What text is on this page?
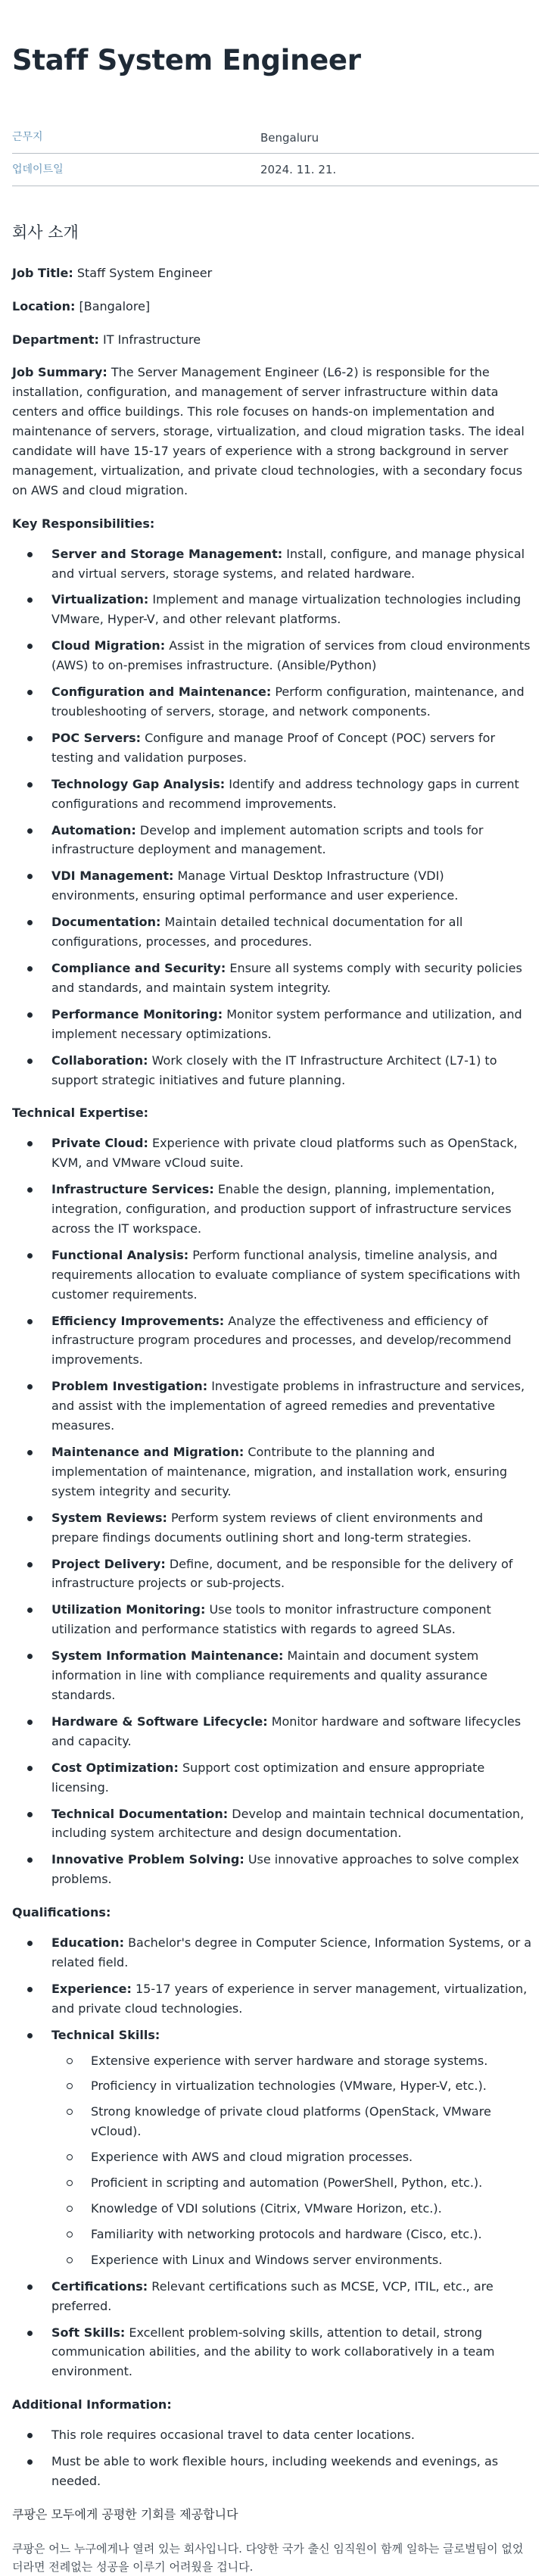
Staff System Engineer
근무지	Bengaluru
업데이트일	2024. 11. 21.
회사 소개

Job Title: Staff System Engineer

Location: [Bangalore]

Department: IT Infrastructure

Job Summary: The Server Management Engineer (L6-2) is responsible for the installation, configuration, and management of server infrastructure within data centers and office buildings. This role focuses on hands-on implementation and maintenance of servers, storage, virtualization, and cloud migration tasks. The ideal candidate will have 15-17 years of experience with a strong background in server management, virtualization, and private cloud technologies, with a secondary focus on AWS and cloud migration.

Key Responsibilities:

Server and Storage Management: Install, configure, and manage physical and virtual servers, storage systems, and related hardware.
Virtualization: Implement and manage virtualization technologies including VMware, Hyper-V, and other relevant platforms.
Cloud Migration: Assist in the migration of services from cloud environments (AWS) to on-premises infrastructure. (Ansible/Python)
Configuration and Maintenance: Perform configuration, maintenance, and troubleshooting of servers, storage, and network components.
POC Servers: Configure and manage Proof of Concept (POC) servers for testing and validation purposes.
Technology Gap Analysis: Identify and address technology gaps in current configurations and recommend improvements.
Automation: Develop and implement automation scripts and tools for infrastructure deployment and management.
VDI Management: Manage Virtual Desktop Infrastructure (VDI) environments, ensuring optimal performance and user experience.
Documentation: Maintain detailed technical documentation for all configurations, processes, and procedures.
Compliance and Security: Ensure all systems comply with security policies and standards, and maintain system integrity.
Performance Monitoring: Monitor system performance and utilization, and implement necessary optimizations.
Collaboration: Work closely with the IT Infrastructure Architect (L7-1) to support strategic initiatives and future planning.

Technical Expertise:

Private Cloud: Experience with private cloud platforms such as OpenStack, KVM, and VMware vCloud suite.
Infrastructure Services: Enable the design, planning, implementation, integration, configuration, and production support of infrastructure services across the IT workspace.
Functional Analysis: Perform functional analysis, timeline analysis, and requirements allocation to evaluate compliance of system specifications with customer requirements.
Efficiency Improvements: Analyze the effectiveness and efficiency of infrastructure program procedures and processes, and develop/recommend improvements.
Problem Investigation: Investigate problems in infrastructure and services, and assist with the implementation of agreed remedies and preventative measures.
Maintenance and Migration: Contribute to the planning and implementation of maintenance, migration, and installation work, ensuring system integrity and security.
System Reviews: Perform system reviews of client environments and prepare findings documents outlining short and long-term strategies.
Project Delivery: Define, document, and be responsible for the delivery of infrastructure projects or sub-projects.
Utilization Monitoring: Use tools to monitor infrastructure component utilization and performance statistics with regards to agreed SLAs.
System Information Maintenance: Maintain and document system information in line with compliance requirements and quality assurance standards.
Hardware & Software Lifecycle: Monitor hardware and software lifecycles and capacity.
Cost Optimization: Support cost optimization and ensure appropriate licensing.
Technical Documentation: Develop and maintain technical documentation, including system architecture and design documentation.
Innovative Problem Solving: Use innovative approaches to solve complex problems.

Qualifications:

Education: Bachelor's degree in Computer Science, Information Systems, or a related field.
Experience: 15-17 years of experience in server management, virtualization, and private cloud technologies.
Technical Skills:
Extensive experience with server hardware and storage systems.
Proficiency in virtualization technologies (VMware, Hyper-V, etc.).
Strong knowledge of private cloud platforms (OpenStack, VMware vCloud).
Experience with AWS and cloud migration processes.
Proficient in scripting and automation (PowerShell, Python, etc.).
Knowledge of VDI solutions (Citrix, VMware Horizon, etc.).
Familiarity with networking protocols and hardware (Cisco, etc.).
Experience with Linux and Windows server environments.
Certifications: Relevant certifications such as MCSE, VCP, ITIL, etc., are preferred.
Soft Skills: Excellent problem-solving skills, attention to detail, strong communication abilities, and the ability to work collaboratively in a team environment.

Additional Information:

This role requires occasional travel to data center locations.
Must be able to work flexible hours, including weekends and evenings, as needed.

쿠팡은 모두에게 공평한 기회를 제공합니다

쿠팡은 어느 누구에게나 열려 있는 회사입니다. 다양한 국가 출신 임직원이 함께 일하는 글로벌팀이 없었더라면 전례없는 성공을 이루기 어려웠을 겁니다.
